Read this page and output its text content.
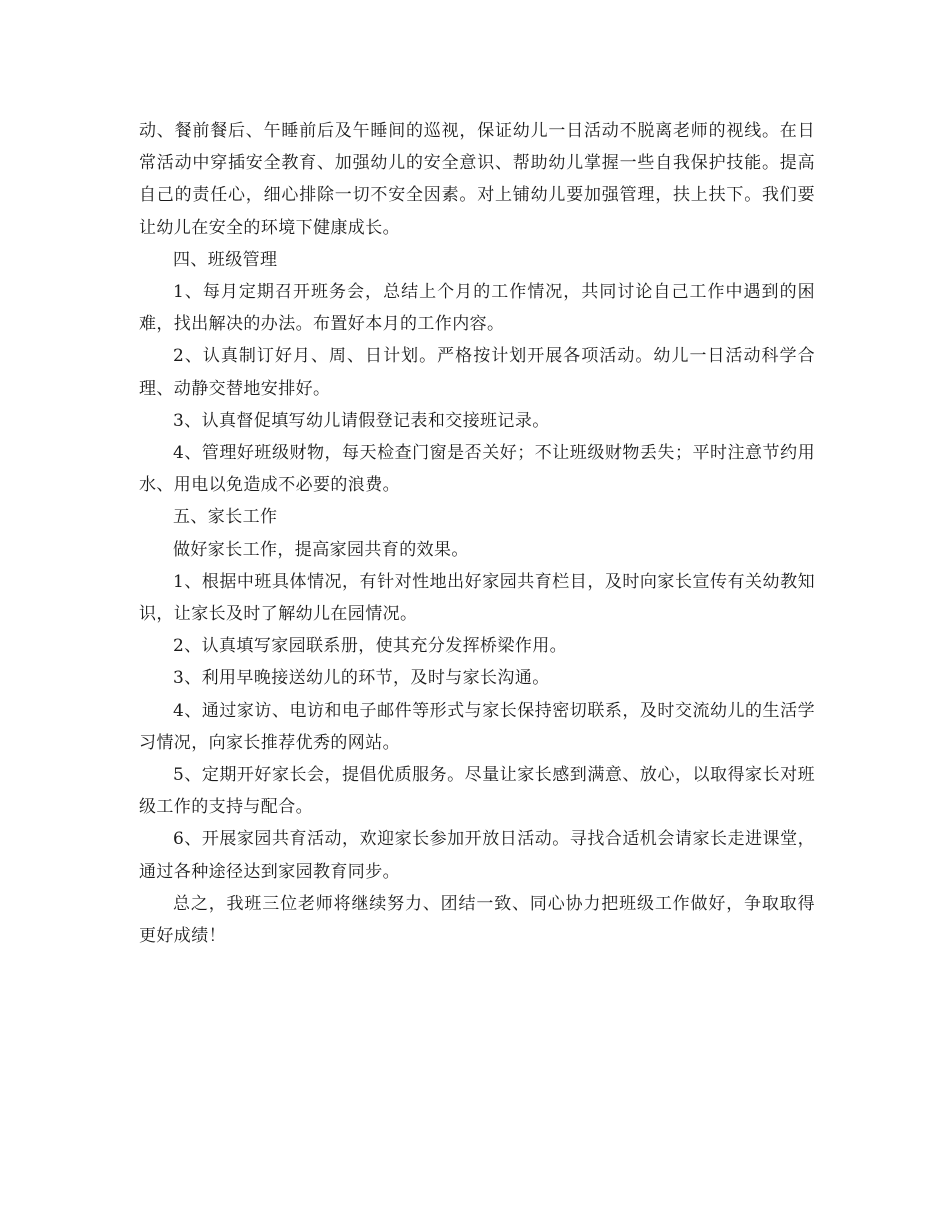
动、餐前餐后、午睡前后及午睡间的巡视，保证幼儿一日活动不脱离老师的视线。在日常活动中穿插安全教育、加强幼儿的安全意识、帮助幼儿掌握一些自我保护技能。提高自己的责任心，细心排除一切不安全因素。对上铺幼儿要加强管理，扶上扶下。我们要让幼儿在安全的环境下健康成长。

四、班级管理

1、每月定期召开班务会，总结上个月的工作情况，共同讨论自己工作中遇到的困难，找出解决的办法。布置好本月的工作内容。

2、认真制订好月、周、日计划。严格按计划开展各项活动。幼儿一日活动科学合理、动静交替地安排好。

3、认真督促填写幼儿请假登记表和交接班记录。

4、管理好班级财物，每天检查门窗是否关好；不让班级财物丢失；平时注意节约用水、用电以免造成不必要的浪费。

五、家长工作

做好家长工作，提高家园共育的效果。

1、根据中班具体情况，有针对性地出好家园共育栏目，及时向家长宣传有关幼教知识，让家长及时了解幼儿在园情况。

2、认真填写家园联系册，使其充分发挥桥梁作用。

3、利用早晚接送幼儿的环节，及时与家长沟通。

4、通过家访、电访和电子邮件等形式与家长保持密切联系，及时交流幼儿的生活学习情况，向家长推荐优秀的网站。

5、定期开好家长会，提倡优质服务。尽量让家长感到满意、放心，以取得家长对班级工作的支持与配合。

6、开展家园共育活动，欢迎家长参加开放日活动。寻找合适机会请家长走进课堂，通过各种途径达到家园教育同步。

总之，我班三位老师将继续努力、团结一致、同心协力把班级工作做好，争取取得更好成绩！
